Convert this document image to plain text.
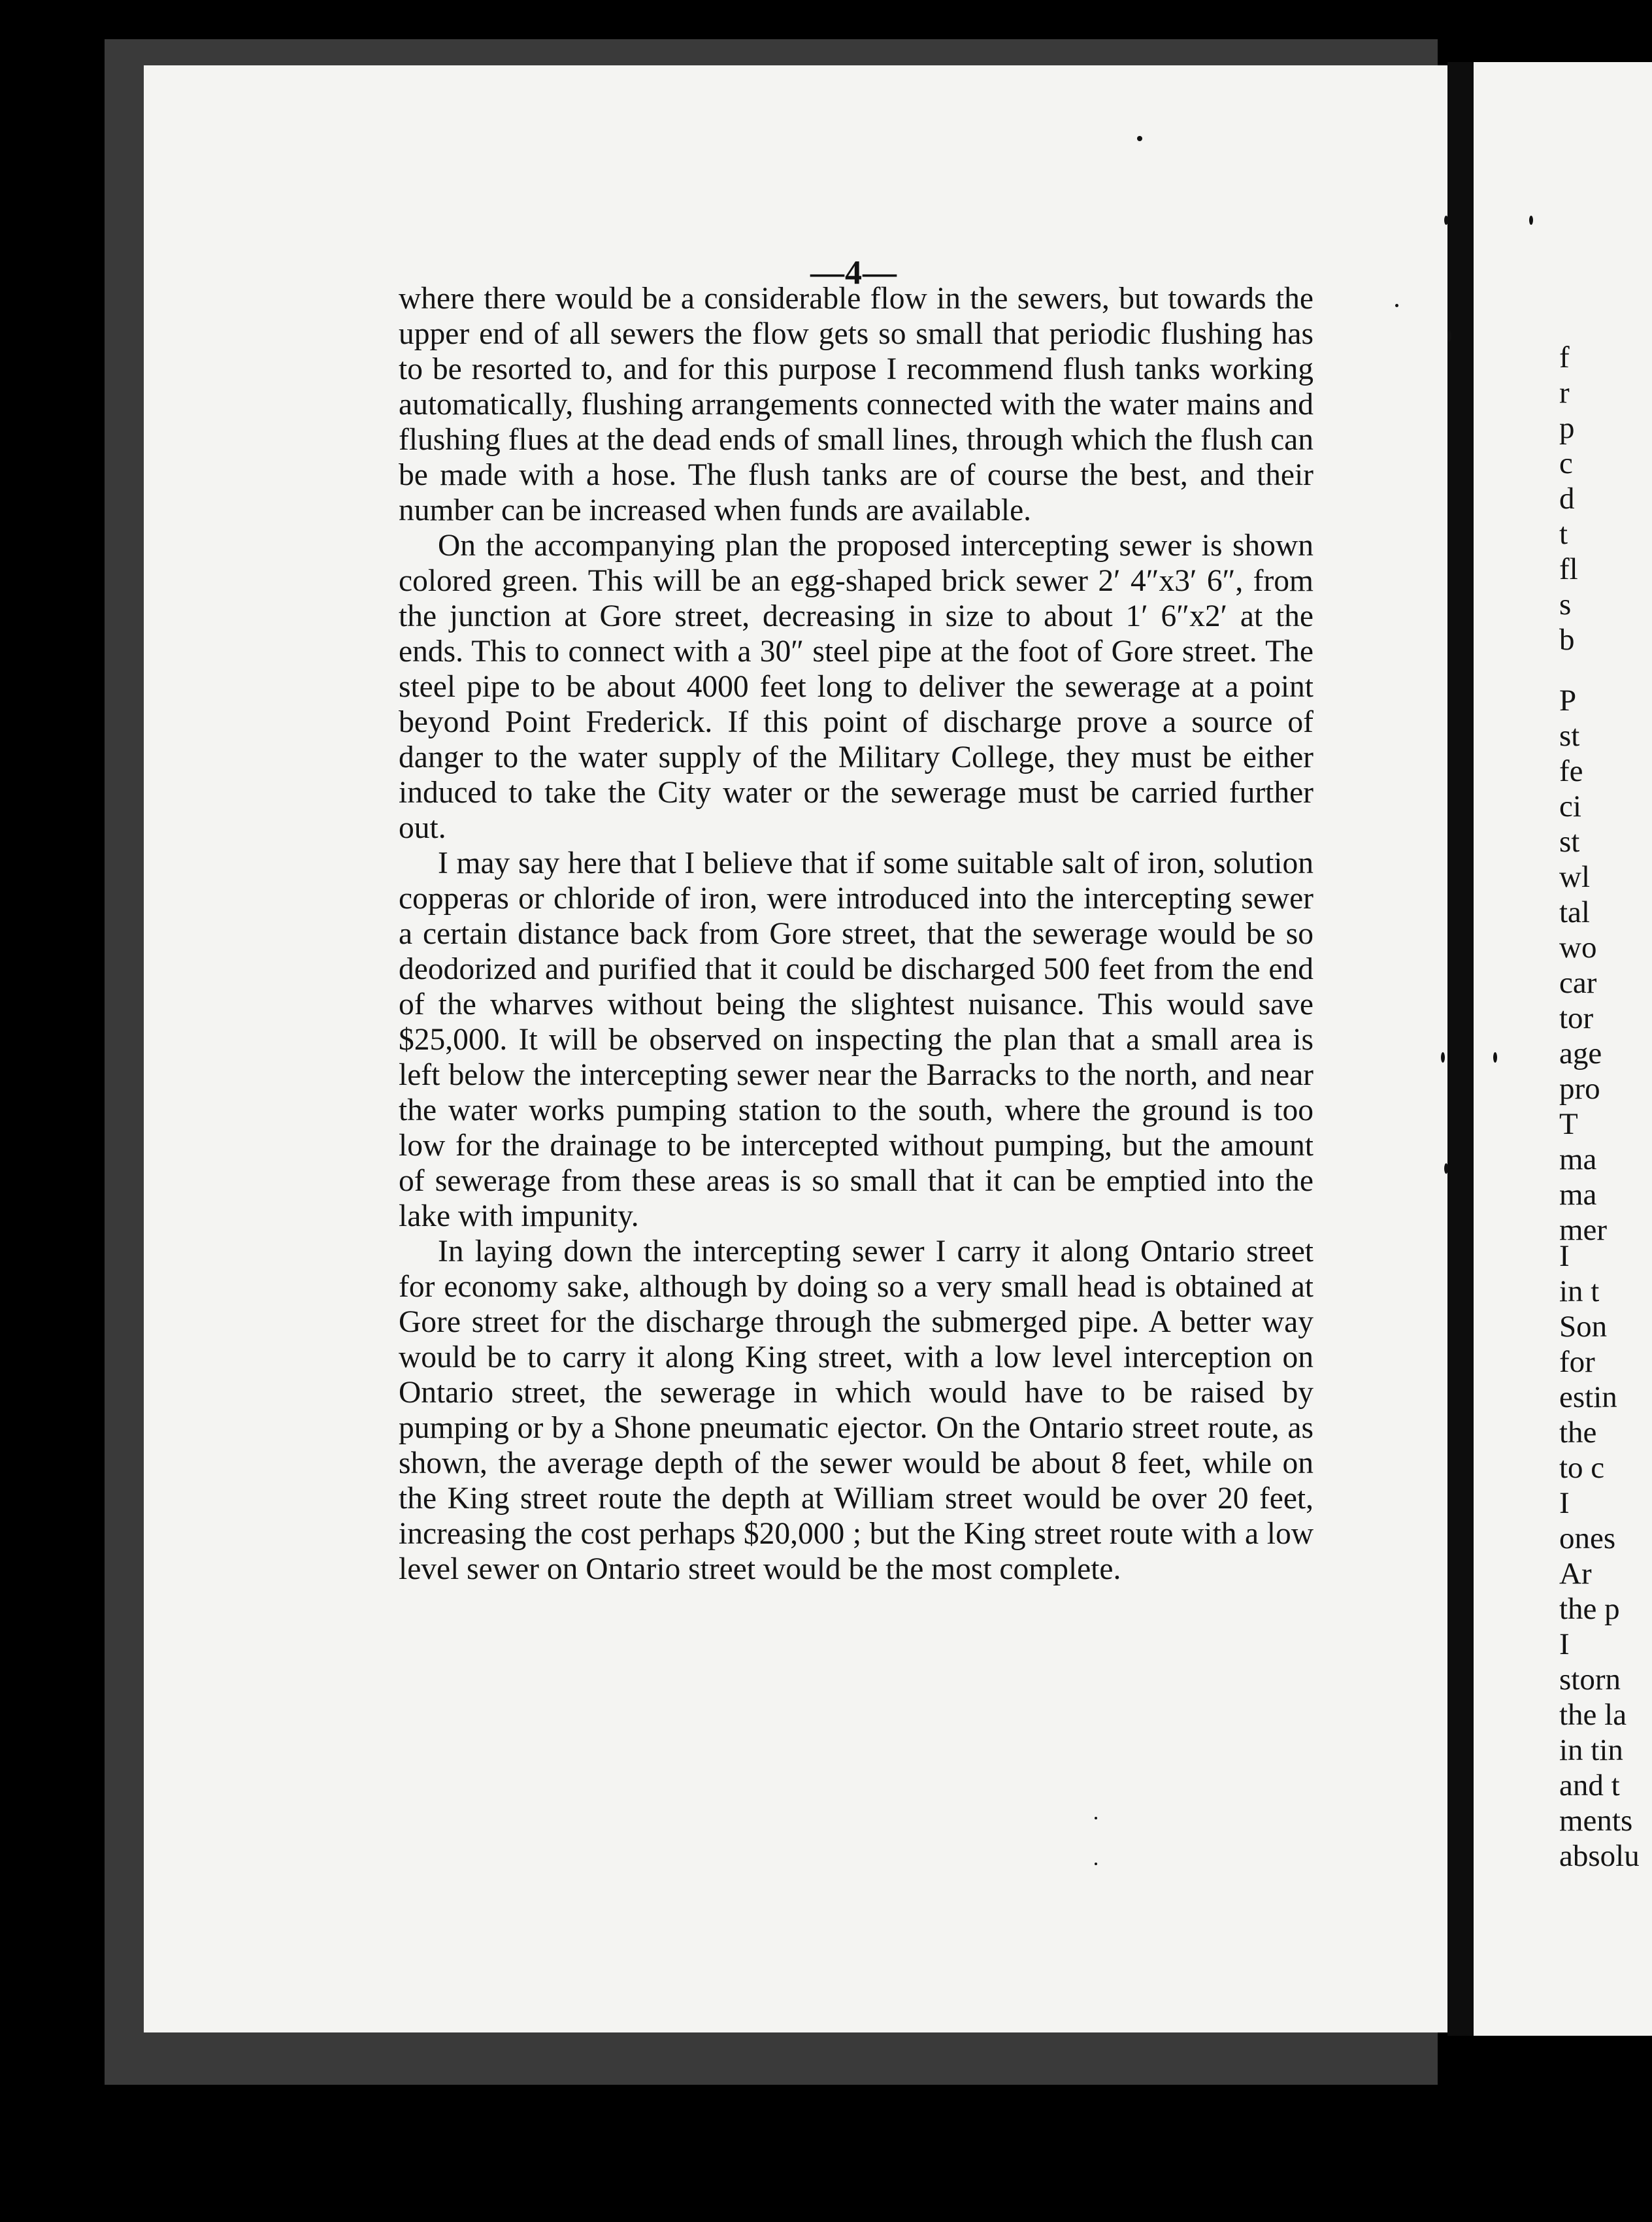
—4—

where there would be a considerable flow in the sewers, but towards the upper end of all sewers the flow gets so small that periodic flushing has to be resorted to, and for this purpose I recommend flush tanks working automatically, flushing arrangements connected with the water mains and flushing flues at the dead ends of small lines, through which the flush can be made with a hose. The flush tanks are of course the best, and their number can be increased when funds are available.

On the accompanying plan the proposed intercepting sewer is shown colored green. This will be an egg-shaped brick sewer 2′ 4″x3′ 6″, from the junction at Gore street, decreasing in size to about 1′ 6″x2′ at the ends. This to connect with a 30″ steel pipe at the foot of Gore street. The steel pipe to be about 4000 feet long to deliver the sewerage at a point beyond Point Frederick. If this point of discharge prove a source of danger to the water supply of the Military College, they must be either induced to take the City water or the sewerage must be carried further out.

I may say here that I believe that if some suitable salt of iron, solution copperas or chloride of iron, were introduced into the intercepting sewer a certain distance back from Gore street, that the sewerage would be so deodorized and purified that it could be discharged 500 feet from the end of the wharves without being the slightest nuisance. This would save $25,000. It will be observed on inspecting the plan that a small area is left below the intercepting sewer near the Barracks to the north, and near the water works pumping station to the south, where the ground is too low for the drainage to be intercepted without pumping, but the amount of sewerage from these areas is so small that it can be emptied into the lake with impunity.

In laying down the intercepting sewer I carry it along Ontario street for economy sake, although by doing so a very small head is obtained at Gore street for the discharge through the submerged pipe. A better way would be to carry it along King street, with a low level interception on Ontario street, the sewerage in which would have to be raised by pumping or by a Shone pneumatic ejector. On the Ontario street route, as shown, the average depth of the sewer would be about 8 feet, while on the King street route the depth at William street would be over 20 feet, increasing the cost perhaps $20,000 ; but the King street route with a low level sewer on Ontario street would be the most complete.

f
r
p
c
d
t
fl
s
b
P
st
fe
ci
st
wl
tal
wo
car
tor
age
pro
T
ma
ma
mer
I
in t
Son
for
estin
the
to c
I
ones
Ar
the p
I
storn
the la
in tin
and t
ments
absolu
